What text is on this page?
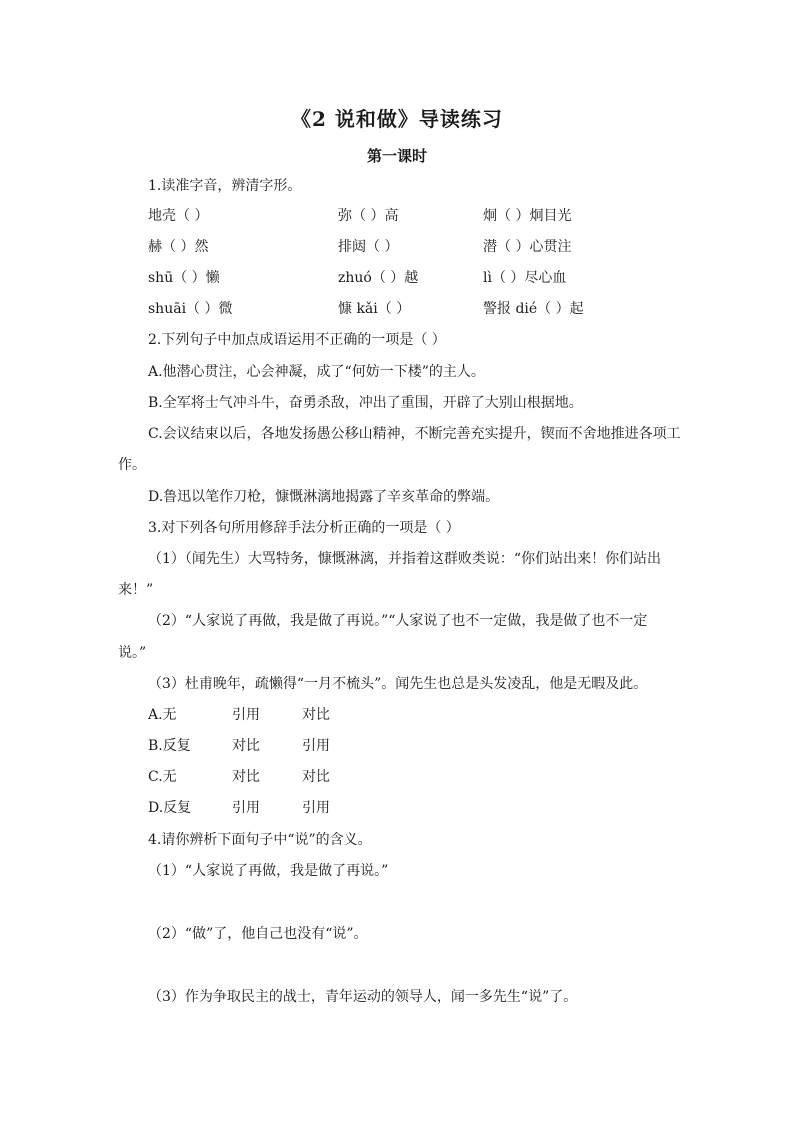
《2 说和做》导读练习
第一课时
1.读准字音，辨清字形。
地壳（ ）	弥（ ）高	炯（ ）炯目光
赫（ ）然	排闼（ ）	潜（ ）心贯注
shū（ ）懒	zhuó（ ）越	lì（ ）尽心血
shuāi（ ）微	慷 kǎi（ ）	警报 dié（ ）起
2.下列句子中加点成语运用不正确的一项是（ ）
A.他潜心贯注，心会神凝，成了“何妨一下楼”的主人。
B.全军将士气冲斗牛，奋勇杀敌，冲出了重围，开辟了大别山根据地。
C.会议结束以后，各地发扬愚公移山精神，不断完善充实提升，锲而不舍地推进各项工
作。
D.鲁迅以笔作刀枪，慷慨淋漓地揭露了辛亥革命的弊端。
3.对下列各句所用修辞手法分析正确的一项是（ ）
（1）（闻先生）大骂特务，慷慨淋漓，并指着这群败类说：“你们站出来！你们站出
来！”
（2）“人家说了再做，我是做了再说。”“人家说了也不一定做，我是做了也不一定
说。”
（3）杜甫晚年，疏懒得“一月不梳头”。闻先生也总是头发凌乱，他是无暇及此。
A.无	引用	对比
B.反复	对比	引用
C.无	对比	对比
D.反复	引用	引用
4.请你辨析下面句子中“说”的含义。
（1）“人家说了再做，我是做了再说。”
（2）“做”了，他自己也没有“说”。
（3）作为争取民主的战士，青年运动的领导人，闻一多先生“说”了。
